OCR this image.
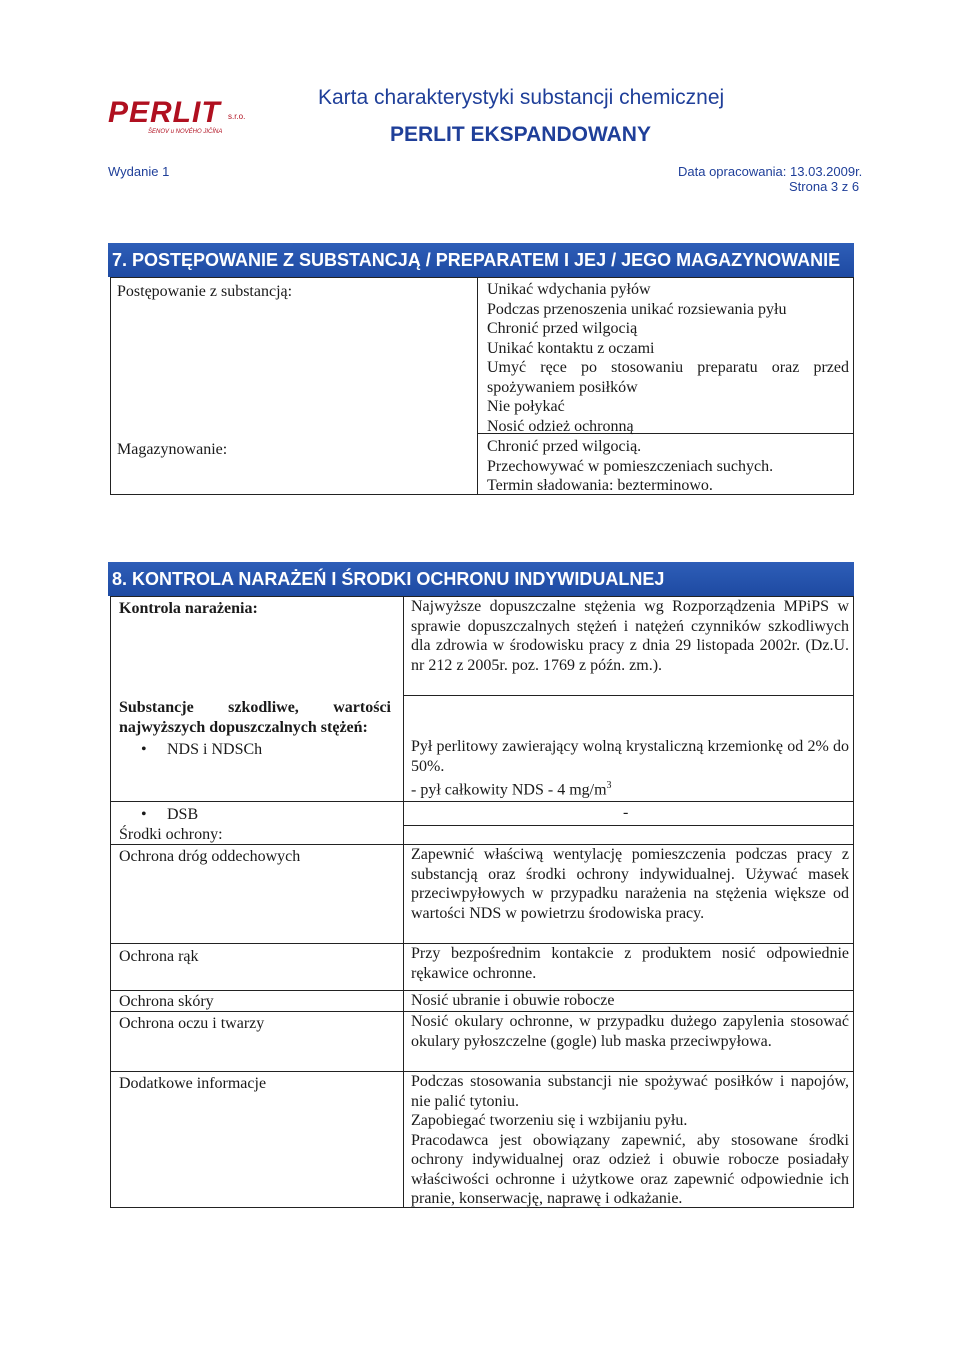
PERLIT s.r.o.
ŠENOV u NOVÉHO JIČÍNA
Karta charakterystyki substancji chemicznej
PERLIT EKSPANDOWANY
Wydanie 1	Data opracowania: 13.03.2009r.
Strona 3 z 6
7. POSTĘPOWANIE Z SUBSTANCJĄ / PREPARATEM I JEJ / JEGO MAGAZYNOWANIE
Postępowanie z substancją:	Unikać wdychania pyłów
Podczas przenoszenia unikać rozsiewania pyłu
Chronić przed wilgocią
Unikać kontaktu z oczami
Umyć ręce po stosowaniu preparatu oraz przed spożywaniem posiłków
Nie połykać
Nosić odzież ochronną
Magazynowanie:	Chronić przed wilgocią.
Przechowywać w pomieszczeniach suchych.
Termin sładowania: bezterminowo.
8. KONTROLA NARAŻEŃ I ŚRODKI OCHRONU INDYWIDUALNEJ
Kontrola narażenia:	Najwyższe dopuszczalne stężenia wg Rozporządzenia MPiPS w sprawie dopuszczalnych stężeń i natężeń czynników szkodliwych dla zdrowia w środowisku pracy z dnia 29 listopada 2002r. (Dz.U. nr 212 z 2005r. poz. 1769 z późn. zm.).
Substancje szkodliwe, wartości najwyższych dopuszczalnych stężeń:
• NDS i NDSCh	Pył perlitowy zawierający wolną krystaliczną krzemionkę od 2% do 50%.
- pył całkowity NDS - 4 $mg/m^3$
• DSB	-
Środki ochrony:
Ochrona dróg oddechowych	Zapewnić właściwą wentylację pomieszczenia podczas pracy z substancją oraz środki ochrony indywidualnej. Używać masek przeciwpyłowych w przypadku narażenia na stężenia większe od wartości NDS w powietrzu środowiska pracy.
Ochrona rąk	Przy bezpośrednim kontakcie z produktem nosić odpowiednie rękawice ochronne.
Ochrona skóry	Nosić ubranie i obuwie robocze
Ochrona oczu i twarzy	Nosić okulary ochronne, w przypadku dużego zapylenia stosować okulary pyłoszczelne (gogle) lub maska przeciwpyłowa.
Dodatkowe informacje	Podczas stosowania substancji nie spożywać posiłków i napojów, nie palić tytoniu.
Zapobiegać tworzeniu się i wzbijaniu pyłu.
Pracodawca jest obowiązany zapewnić, aby stosowane środki ochrony indywidualnej oraz odzież i obuwie robocze posiadały właściwości ochronne i użytkowe oraz zapewnić odpowiednie ich pranie, konserwację, naprawę i odkażanie.
